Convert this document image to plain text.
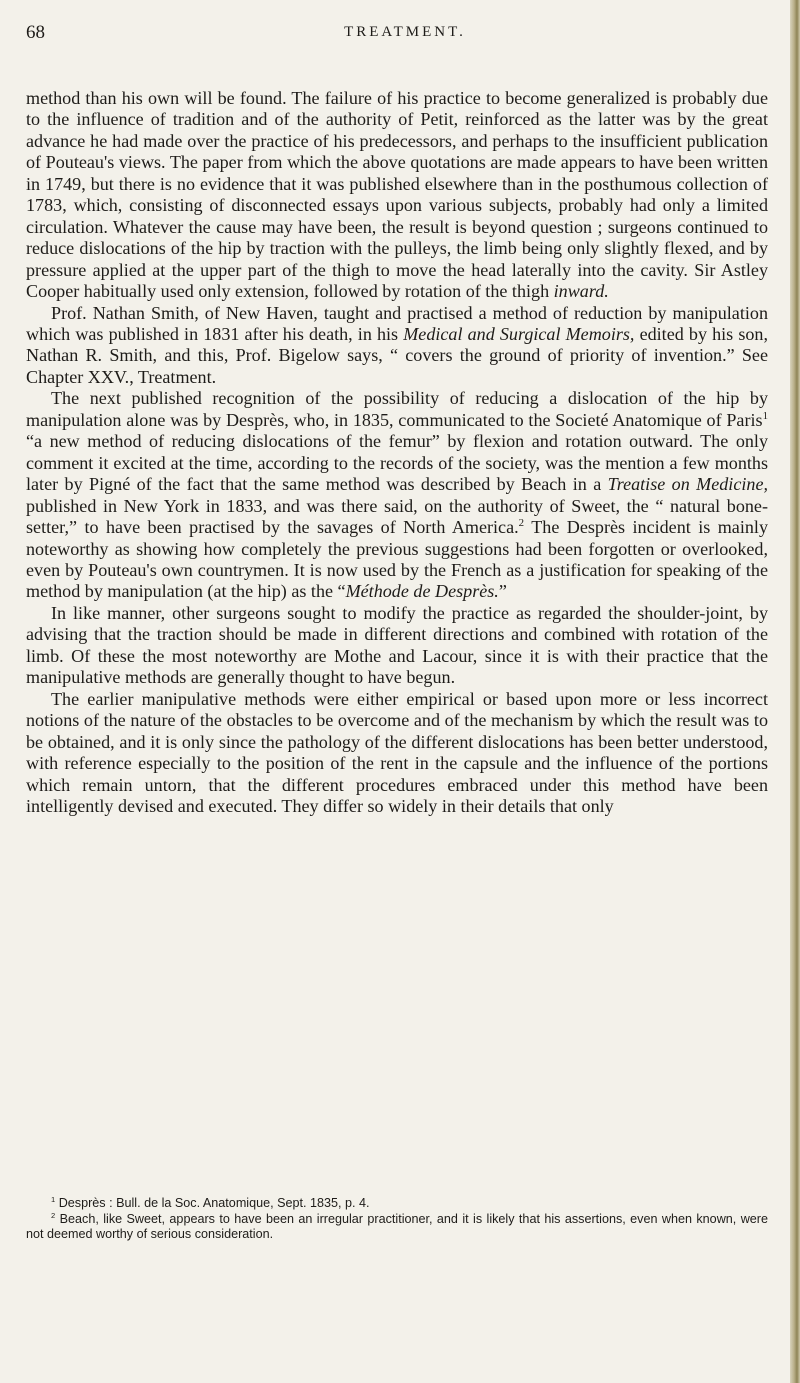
68	TREATMENT.

method than his own will be found. The failure of his practice to become generalized is probably due to the influence of tradition and of the authority of Petit, reinforced as the latter was by the great advance he had made over the practice of his predecessors, and perhaps to the insufficient publication of Pouteau's views. The paper from which the above quotations are made appears to have been written in 1749, but there is no evidence that it was published elsewhere than in the posthumous collection of 1783, which, consisting of disconnected essays upon various subjects, probably had only a limited circulation. Whatever the cause may have been, the result is beyond question ; surgeons continued to reduce dislocations of the hip by traction with the pulleys, the limb being only slightly flexed, and by pressure applied at the upper part of the thigh to move the head laterally into the cavity. Sir Astley Cooper habitually used only extension, followed by rotation of the thigh inward.

Prof. Nathan Smith, of New Haven, taught and practised a method of reduction by manipulation which was published in 1831 after his death, in his Medical and Surgical Memoirs, edited by his son, Nathan R. Smith, and this, Prof. Bigelow says, “ covers the ground of priority of invention.” See Chapter XXV., Treatment.

The next published recognition of the possibility of reducing a dislocation of the hip by manipulation alone was by Desprès, who, in 1835, communicated to the Societé Anatomique of Paris$^1$ “a new method of reducing dislocations of the femur” by flexion and rotation outward. The only comment it excited at the time, according to the records of the society, was the mention a few months later by Pigné of the fact that the same method was described by Beach in a Treatise on Medicine, published in New York in 1833, and was there said, on the authority of Sweet, the “ natural bone-setter,” to have been practised by the savages of North America.$^2$ The Desprès incident is mainly noteworthy as showing how completely the previous suggestions had been forgotten or overlooked, even by Pouteau's own countrymen. It is now used by the French as a justification for speaking of the method by manipulation (at the hip) as the “Méthode de Desprès.”

In like manner, other surgeons sought to modify the practice as regarded the shoulder-joint, by advising that the traction should be made in different directions and combined with rotation of the limb. Of these the most noteworthy are Mothe and Lacour, since it is with their practice that the manipulative methods are generally thought to have begun.

The earlier manipulative methods were either empirical or based upon more or less incorrect notions of the nature of the obstacles to be overcome and of the mechanism by which the result was to be obtained, and it is only since the pathology of the different dislocations has been better understood, with reference especially to the position of the rent in the capsule and the influence of the portions which remain untorn, that the different procedures embraced under this method have been intelligently devised and executed. They differ so widely in their details that only

$^1$ Desprès : Bull. de la Soc. Anatomique, Sept. 1835, p. 4.

$^2$ Beach, like Sweet, appears to have been an irregular practitioner, and it is likely that his assertions, even when known, were not deemed worthy of serious consideration.
